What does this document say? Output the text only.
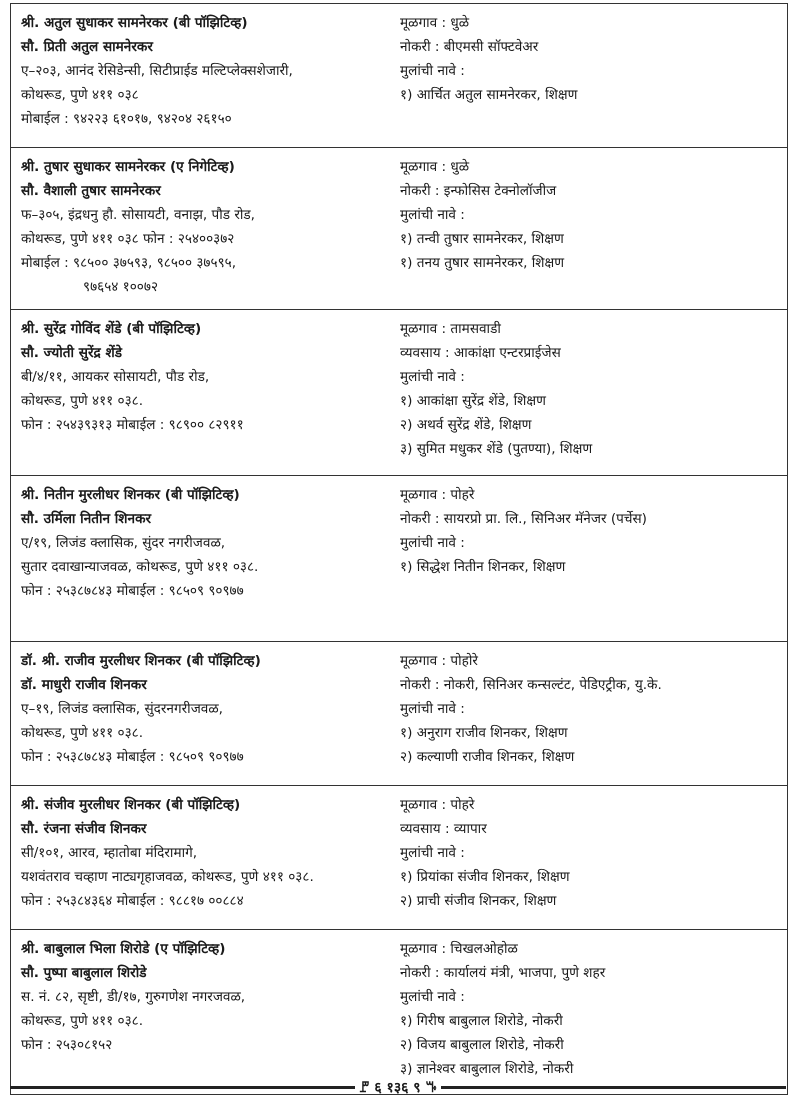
श्री. अतुल सुधाकर सामनेरकर (बी पॉझिटिव्ह)
सौ. प्रिती अतुल सामनेरकर
ए–२०३, आनंद रेसिडेन्सी, सिटीप्राईड मल्टिप्लेक्सशेजारी,
कोथरूड, पुणे ४११ ०३८
मोबाईल : ९४२२३ ६१०१७, ९४२०४ २६१५०
मूळगाव : धुळे
नोकरी : बीएमसी सॉफ्टवेअर
मुलांची नावे :
१) आर्चित अतुल सामनेरकर, शिक्षण
श्री. तुषार सुधाकर सामनेरकर (ए निगेटिव्ह)
सौ. वैशाली तुषार सामनेरकर
फ–३०५, इंद्रधनु हौ. सोसायटी, वनाझ, पौड रोड,
कोथरूड, पुणे ४११ ०३८ फोन : २५४००३७२
मोबाईल : ९८५०० ३७५९३, ९८५०० ३७५९५,
९७६५४ १००७२
मूळगाव : धुळे
नोकरी : इन्फोसिस टेक्नोलॉजीज
मुलांची नावे :
१) तन्वी तुषार सामनेरकर, शिक्षण
१) तनय तुषार सामनेरकर, शिक्षण
श्री. सुरेंद्र गोविंद शेंडे (बी पॉझिटिव्ह)
सौ. ज्योती सुरेंद्र शेंडे
बी/४/११, आयकर सोसायटी, पौड रोड,
कोथरूड, पुणे ४११ ०३८.
फोन : २५४३९३१३ मोबाईल : ९८९०० ८२९११
मूळगाव : तामसवाडी
व्यवसाय : आकांक्षा एन्टरप्राईजेस
मुलांची नावे :
१) आकांक्षा सुरेंद्र शेंडे, शिक्षण
२) अथर्व सुरेंद्र शेंडे, शिक्षण
३) सुमित मधुकर शेंडे (पुतण्या), शिक्षण
श्री. नितीन मुरलीधर शिनकर (बी पॉझिटिव्ह)
सौ. उर्मिला नितीन शिनकर
ए/१९, लिजंड क्लासिक, सुंदर नगरीजवळ,
सुतार दवाखान्याजवळ, कोथरूड, पुणे ४११ ०३८.
फोन : २५३८७८४३ मोबाईल : ९८५०९ ९०९७७
मूळगाव : पोहरे
नोकरी : सायरप्रो प्रा. लि., सिनिअर मॅनेजर (पर्चेस)
मुलांची नावे :
१) सिद्धेश नितीन शिनकर, शिक्षण
डॉ. श्री. राजीव मुरलीधर शिनकर (बी पॉझिटिव्ह)
डॉ. माधुरी राजीव शिनकर
ए–१९, लिजंड क्लासिक, सुंदरनगरीजवळ,
कोथरूड, पुणे ४११ ०३८.
फोन : २५३८७८४३ मोबाईल : ९८५०९ ९०९७७
मूळगाव : पोहोरे
नोकरी : नोकरी, सिनिअर कन्सल्टंट, पेडिएट्रीक, यु.के.
मुलांची नावे :
१) अनुराग राजीव शिनकर, शिक्षण
२) कल्याणी राजीव शिनकर, शिक्षण
श्री. संजीव मुरलीधर शिनकर (बी पॉझिटिव्ह)
सौ. रंजना संजीव शिनकर
सी/१०१, आरव, म्हातोबा मंदिरामागे,
यशवंतराव चव्हाण नाट्यगृहाजवळ, कोथरूड, पुणे ४११ ०३८.
फोन : २५३८४३६४ मोबाईल : ९८८१७ ००८८४
मूळगाव : पोहरे
व्यवसाय : व्यापार
मुलांची नावे :
१) प्रियांका संजीव शिनकर, शिक्षण
२) प्राची संजीव शिनकर, शिक्षण
श्री. बाबुलाल भिला शिरोडे (ए पॉझिटिव्ह)
सौ. पुष्पा बाबुलाल शिरोडे
स. नं. ८२, सृष्टी, डी/१७, गुरुगणेश नगरजवळ,
कोथरूड, पुणे ४११ ०३८.
फोन : २५३०८१५२
मूळगाव : चिखलओहोळ
नोकरी : कार्यालयं मंत्री, भाजपा, पुणे शहर
मुलांची नावे :
१) गिरीष बाबुलाल शिरोडे, नोकरी
२) विजय बाबुलाल शिरोडे, नोकरी
३) ज्ञानेश्वर बाबुलाल शिरोडे, नोकरी
ꘝ ६ १३६ ९ ꘞ
